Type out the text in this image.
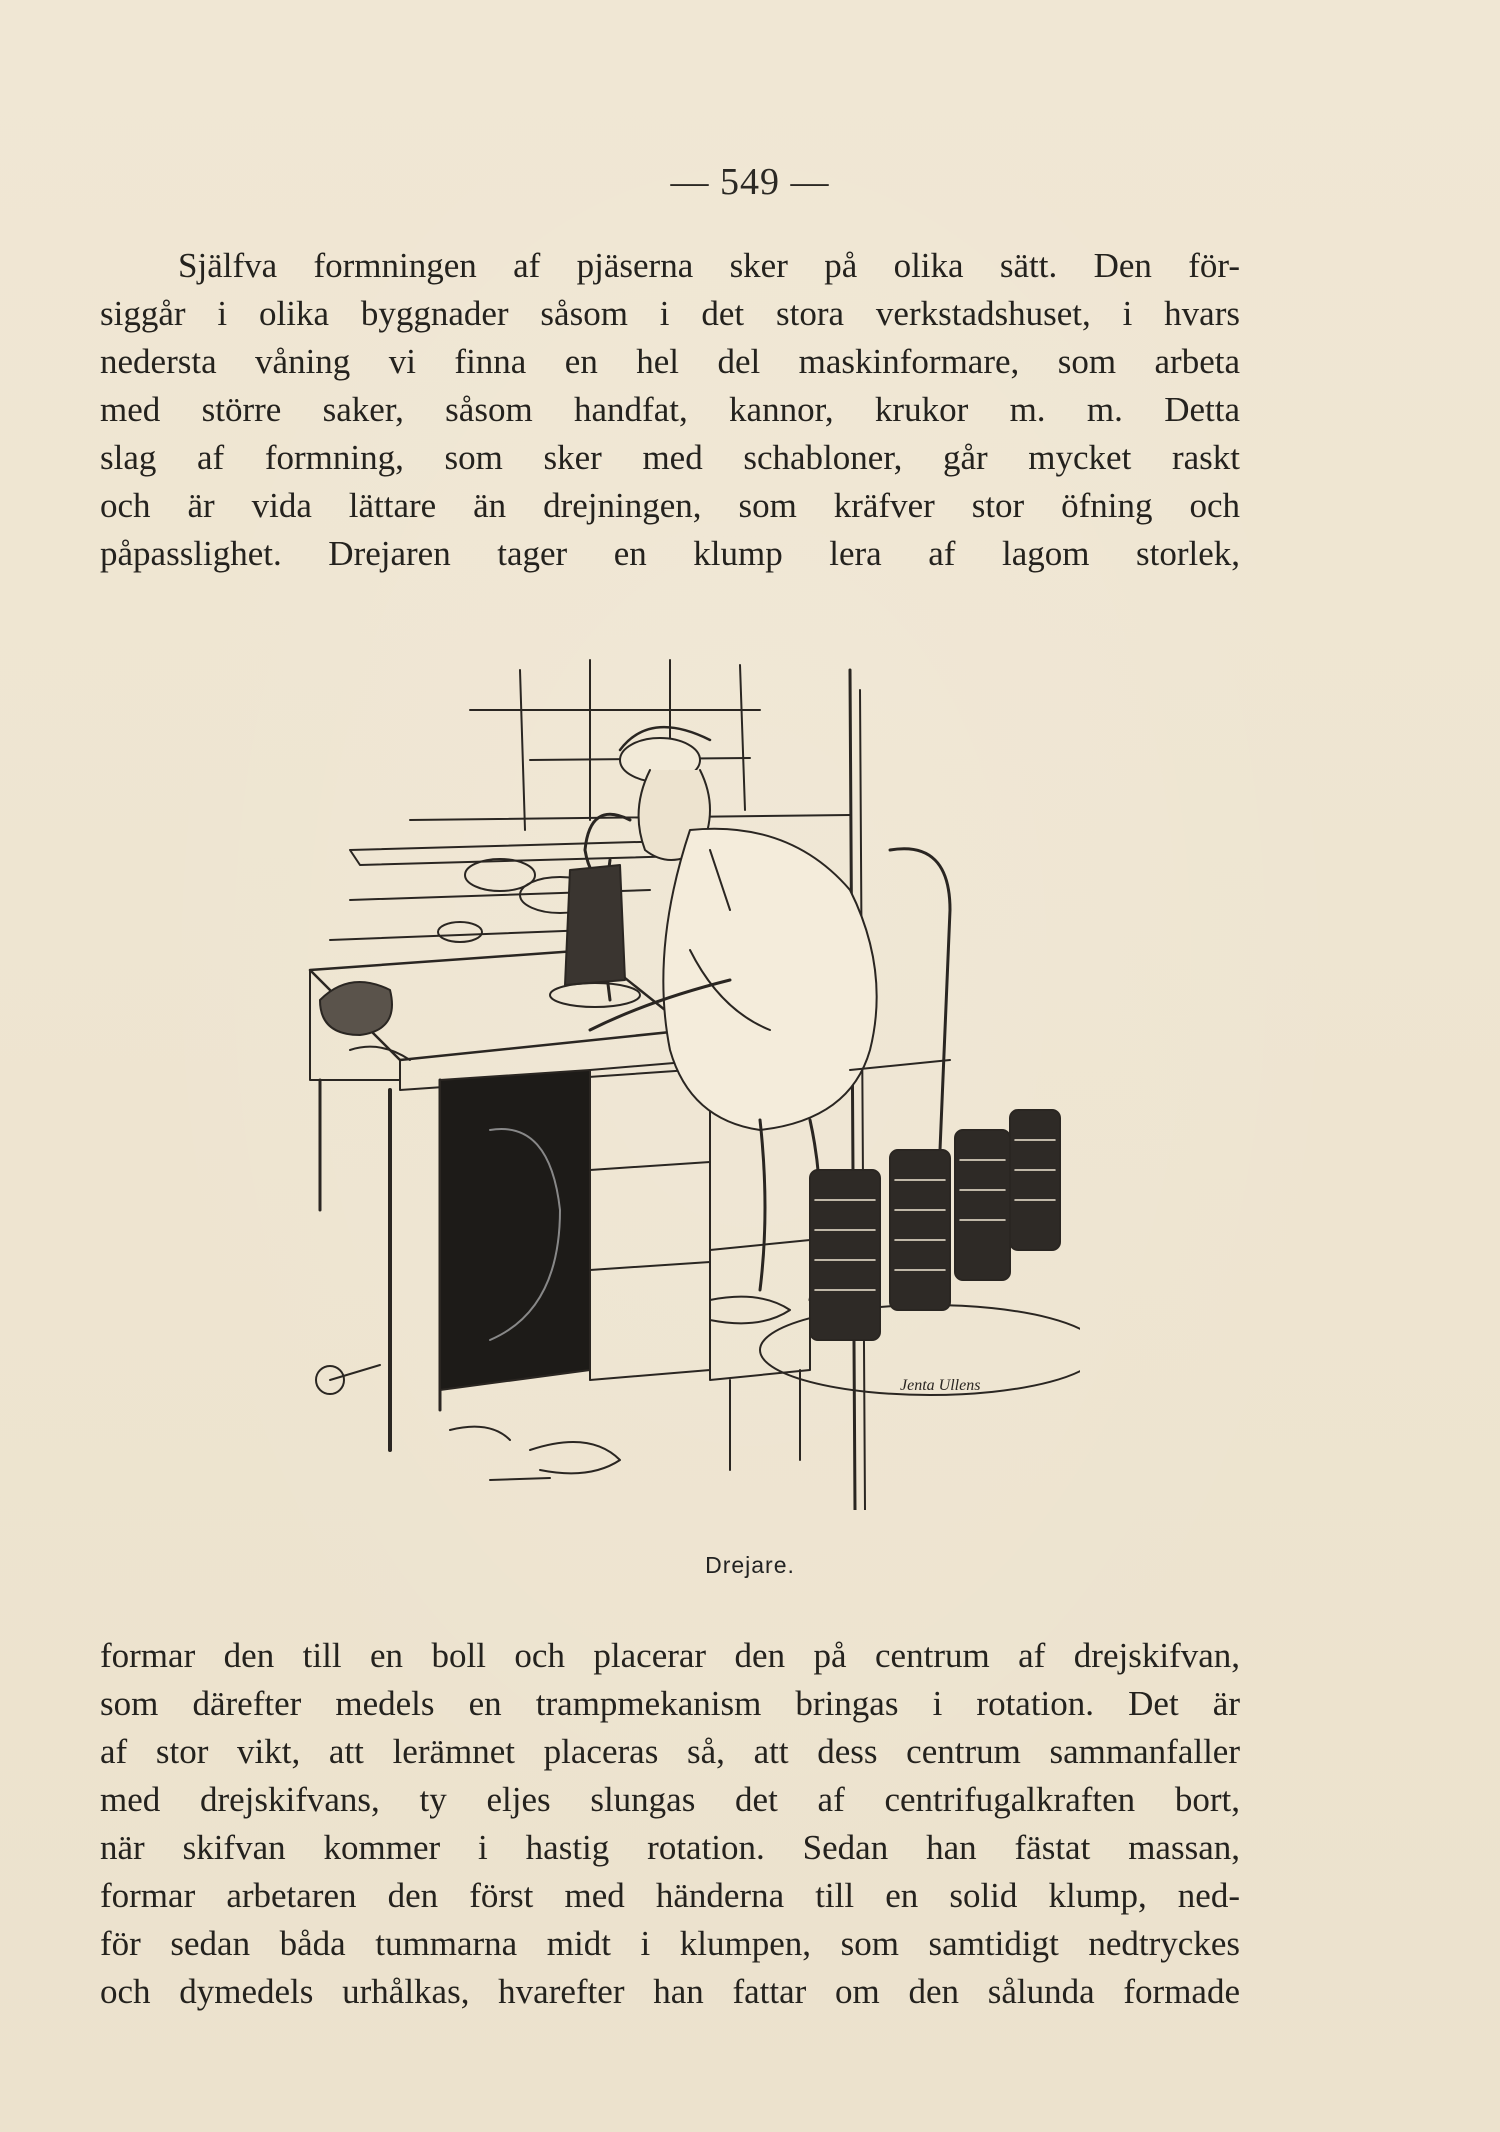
— 549 —
Själfva formningen af pjäserna sker på olika sätt. Den för-
siggår i olika byggnader såsom i det stora verkstadshuset, i hvars
nedersta våning vi finna en hel del maskinformare, som arbeta
med större saker, såsom handfat, kannor, krukor m. m. Detta
slag af formning, som sker med schabloner, går mycket raskt
och är vida lättare än drejningen, som kräfver stor öfning och
påpasslighet. Drejaren tager en klump lera af lagom storlek,
Jenta Ullens
Drejare.
formar den till en boll och placerar den på centrum af drejskifvan,
som därefter medels en trampmekanism bringas i rotation. Det är
af stor vikt, att lerämnet placeras så, att dess centrum sammanfaller
med drejskifvans, ty eljes slungas det af centrifugalkraften bort,
när skifvan kommer i hastig rotation. Sedan han fästat massan,
formar arbetaren den först med händerna till en solid klump, ned-
för sedan båda tummarna midt i klumpen, som samtidigt nedtryckes
och dymedels urhålkas, hvarefter han fattar om den sålunda formade
